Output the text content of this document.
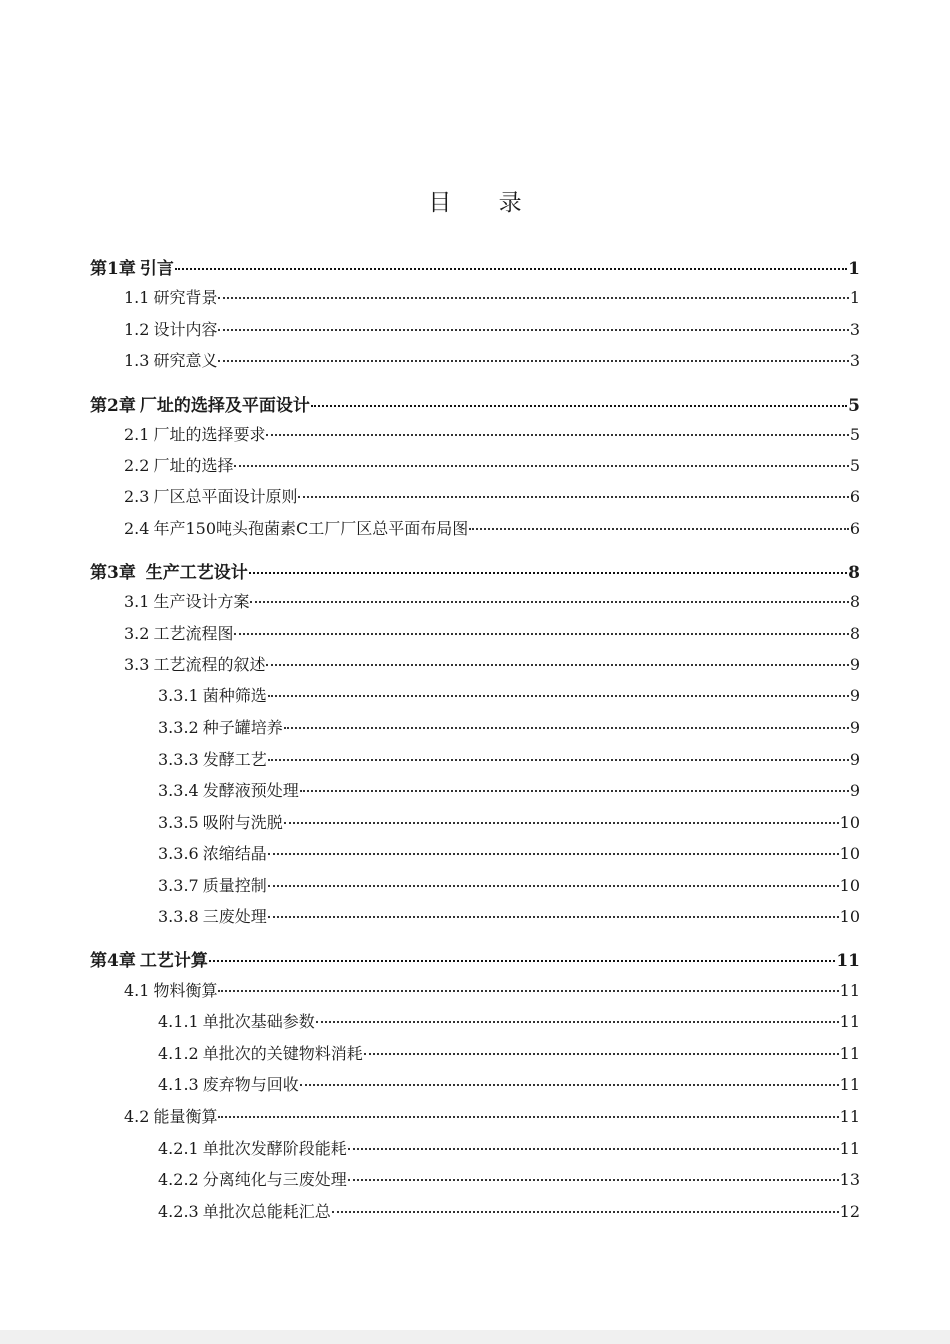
目 录
第1章 引言	1
1.1 研究背景	1
1.2 设计内容	3
1.3 研究意义	3
第2章 厂址的选择及平面设计	5
2.1 厂址的选择要求	5
2.2 厂址的选择	5
2.3 厂区总平面设计原则	6
2.4 年产150吨头孢菌素C工厂厂区总平面布局图	6
第3章 生产工艺设计	8
3.1 生产设计方案	8
3.2 工艺流程图	8
3.3 工艺流程的叙述	9
3.3.1 菌种筛选	9
3.3.2 种子罐培养	9
3.3.3 发酵工艺	9
3.3.4 发酵液预处理	9
3.3.5 吸附与洗脱	10
3.3.6 浓缩结晶	10
3.3.7 质量控制	10
3.3.8 三废处理	10
第4章 工艺计算	11
4.1 物料衡算	11
4.1.1 单批次基础参数	11
4.1.2 单批次的关键物料消耗	11
4.1.3 废弃物与回收	11
4.2 能量衡算	11
4.2.1 单批次发酵阶段能耗	11
4.2.2 分离纯化与三废处理	13
4.2.3 单批次总能耗汇总	12
